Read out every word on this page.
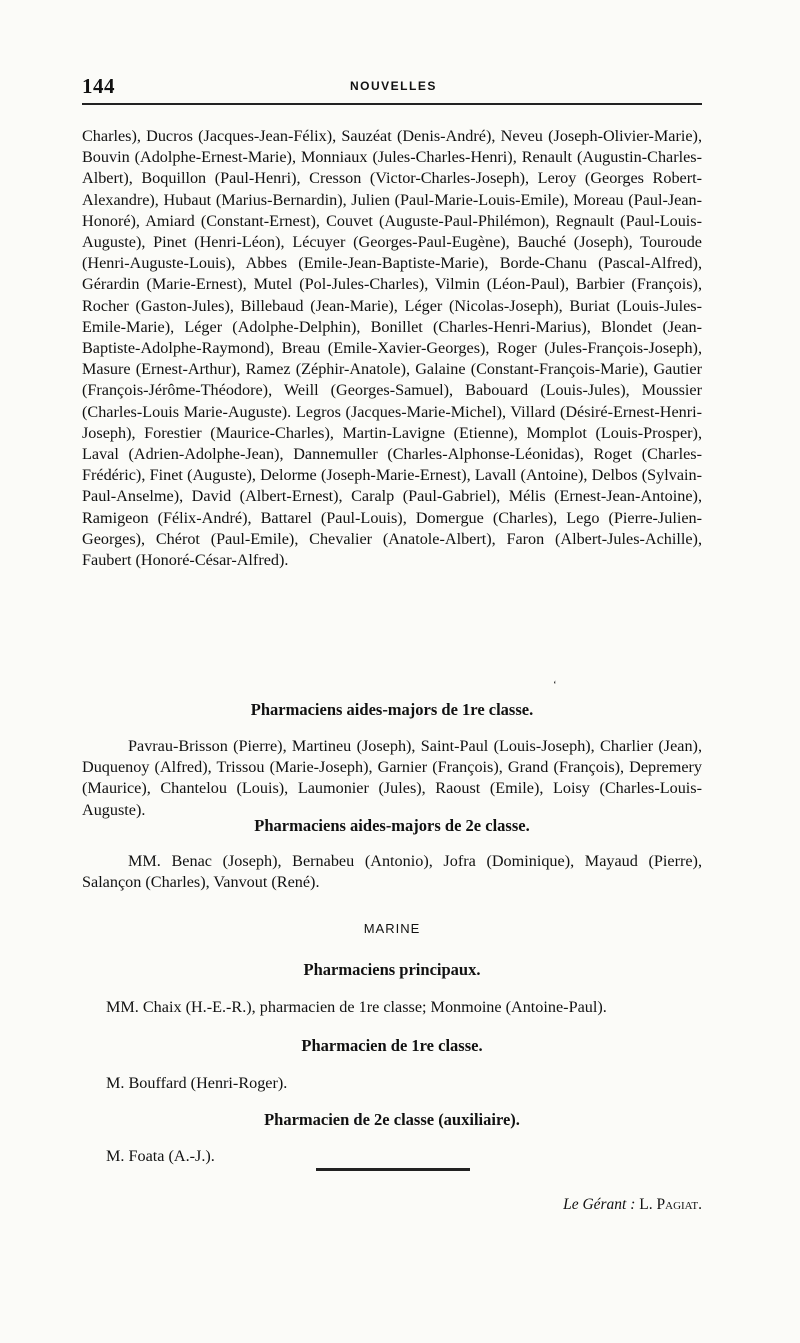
144	NOUVELLES

Charles), Ducros (Jacques-Jean-Félix), Sauzéat (Denis-André), Neveu (Joseph-Olivier-Marie), Bouvin (Adolphe-Ernest-Marie), Monniaux (Jules-Charles-Henri), Renault (Augustin-Charles-Albert), Boquillon (Paul-Henri), Cresson (Victor-Charles-Joseph), Leroy (Georges Robert-Alexandre), Hubaut (Marius-Bernardin), Julien (Paul-Marie-Louis-Emile), Moreau (Paul-Jean-Honoré), Amiard (Constant-Ernest), Couvet (Auguste-Paul-Philémon), Regnault (Paul-Louis-Auguste), Pinet (Henri-Léon), Lécuyer (Georges-Paul-Eugène), Bauché (Joseph), Touroude (Henri-Auguste-Louis), Abbes (Emile-Jean-Baptiste-Marie), Borde-Chanu (Pascal-Alfred), Gérardin (Marie-Ernest), Mutel (Pol-Jules-Charles), Vilmin (Léon-Paul), Barbier (François), Rocher (Gaston-Jules), Billebaud (Jean-Marie), Léger (Nicolas-Joseph), Buriat (Louis-Jules-Emile-Marie), Léger (Adolphe-Delphin), Bonillet (Charles-Henri-Marius), Blondet (Jean-Baptiste-Adolphe-Raymond), Breau (Emile-Xavier-Georges), Roger (Jules-François-Joseph), Masure (Ernest-Arthur), Ramez (Zéphir-Anatole), Galaine (Constant-François-Marie), Gautier (François-Jérôme-Théodore), Weill (Georges-Samuel), Babouard (Louis-Jules), Moussier (Charles-Louis Marie-Auguste). Legros (Jacques-Marie-Michel), Villard (Désiré-Ernest-Henri-Joseph), Forestier (Maurice-Charles), Martin-Lavigne (Etienne), Momplot (Louis-Prosper), Laval (Adrien-Adolphe-Jean), Dannemuller (Charles-Alphonse-Léonidas), Roget (Charles-Frédéric), Finet (Auguste), Delorme (Joseph-Marie-Ernest), Lavall (Antoine), Delbos (Sylvain-Paul-Anselme), David (Albert-Ernest), Caralp (Paul-Gabriel), Mélis (Ernest-Jean-Antoine), Ramigeon (Félix-André), Battarel (Paul-Louis), Domergue (Charles), Lego (Pierre-Julien-Georges), Chérot (Paul-Emile), Chevalier (Anatole-Albert), Faron (Albert-Jules-Achille), Faubert (Honoré-César-Alfred).

Pharmaciens aides-majors de 1re classe.

‘

Pavrau-Brisson (Pierre), Martineu (Joseph), Saint-Paul (Louis-Joseph), Charlier (Jean), Duquenoy (Alfred), Trissou (Marie-Joseph), Garnier (François), Grand (François), Depremery (Maurice), Chantelou (Louis), Laumonier (Jules), Raoust (Emile), Loisy (Charles-Louis-Auguste).

Pharmaciens aides-majors de 2e classe.

MM. Benac (Joseph), Bernabeu (Antonio), Jofra (Dominique), Mayaud (Pierre), Salançon (Charles), Vanvout (René).

MARINE

Pharmaciens principaux.

MM. Chaix (H.-E.-R.), pharmacien de 1re classe; Monmoine (Antoine-Paul).

Pharmacien de 1re classe.

M. Bouffard (Henri-Roger).

Pharmacien de 2e classe (auxiliaire).

M. Foata (A.-J.).

Le Gérant : L. Pagiat.
